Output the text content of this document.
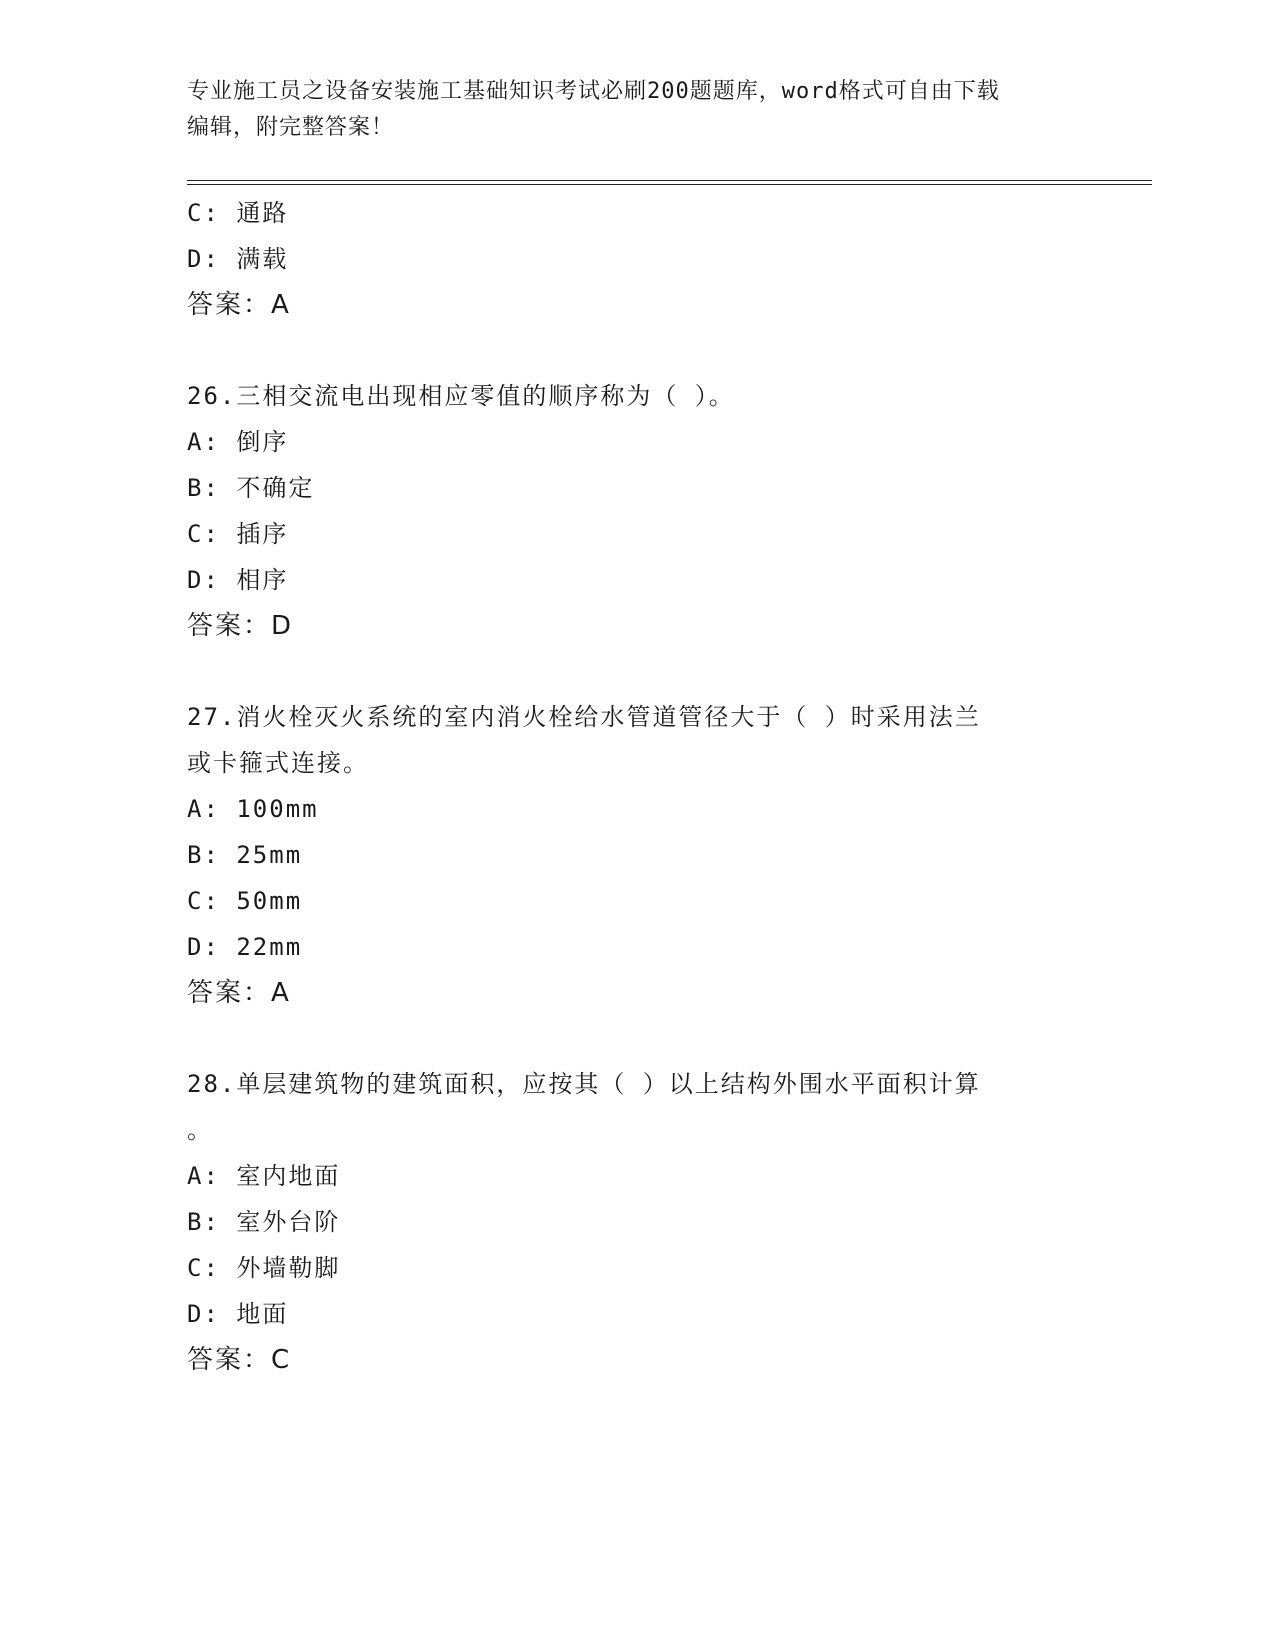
专业施工员之设备安装施工基础知识考试必刷200题题库，word格式可自由下载
编辑，附完整答案！
C: 通路
D: 满载
答案：A
26.三相交流电出现相应零值的顺序称为（ ）。
A: 倒序
B: 不确定
C: 插序
D: 相序
答案：D
27.消火栓灭火系统的室内消火栓给水管道管径大于（ ）时采用法兰
或卡箍式连接。
A: 100mm
B: 25mm
C: 50mm
D: 22mm
答案：A
28.单层建筑物的建筑面积，应按其（ ）以上结构外围水平面积计算
。
A: 室内地面
B: 室外台阶
C: 外墙勒脚
D: 地面
答案：C
